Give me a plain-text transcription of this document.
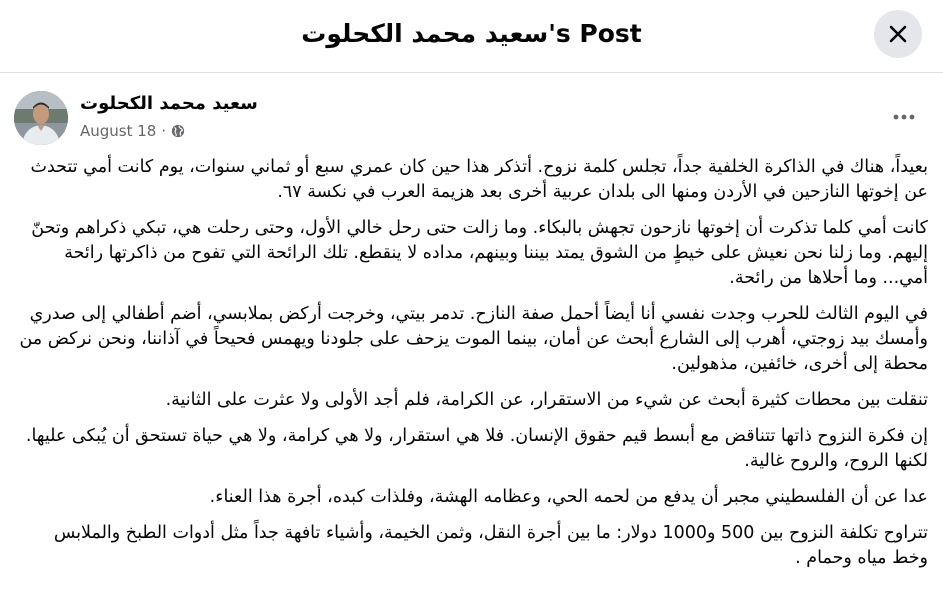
سعيد محمد الكحلوت's Post
سعيد محمد الكحلوت
August 18 ·

بعيداً، هناك في الذاكرة الخلفية جداً، تجلس كلمة نزوح. أتذكر هذا حين كان عمري سبع أو ثماني سنوات، يوم كانت أمي تتحدث عن إخوتها النازحين في الأردن ومنها الى بلدان عربية أخرى بعد هزيمة العرب في نكسة ٦٧.

كانت أمي كلما تذكرت أن إخوتها نازحون تجهش بالبكاء. وما زالت حتى رحل خالي الأول، وحتى رحلت هي، تبكي ذكراهم وتحنّ إليهم. وما زلنا نحن نعيش على خيطٍ من الشوق يمتد بيننا وبينهم، مداده لا ينقطع. تلك الرائحة التي تفوح من ذاكرتها رائحة أمي... وما أحلاها من رائحة.

في اليوم الثالث للحرب وجدت نفسي أنا أيضاً أحمل صفة النازح. تدمر بيتي، وخرجت أركض بملابسي، أضم أطفالي إلى صدري وأمسك بيد زوجتي، أهرب إلى الشارع أبحث عن أمان، بينما الموت يزحف على جلودنا ويهمس فحيحاً في آذاننا، ونحن نركض من محطة إلى أخرى، خائفين، مذهولين.

تنقلت بين محطات كثيرة أبحث عن شيء من الاستقرار، عن الكرامة، فلم أجد الأولى ولا عثرت على الثانية.

إن فكرة النزوح ذاتها تتناقض مع أبسط قيم حقوق الإنسان. فلا هي استقرار، ولا هي كرامة، ولا هي حياة تستحق أن يُبكى عليها. لكنها الروح، والروح غالية.

عدا عن أن الفلسطيني مجبر أن يدفع من لحمه الحي، وعظامه الهشة، وفلذات كبده، أجرة هذا العناء.

تتراوح تكلفة النزوح بين 500 و1000 دولار: ما بين أجرة النقل، وثمن الخيمة، وأشياء تافهة جداً مثل أدوات الطبخ والملابس وخط مياه وحمام .
